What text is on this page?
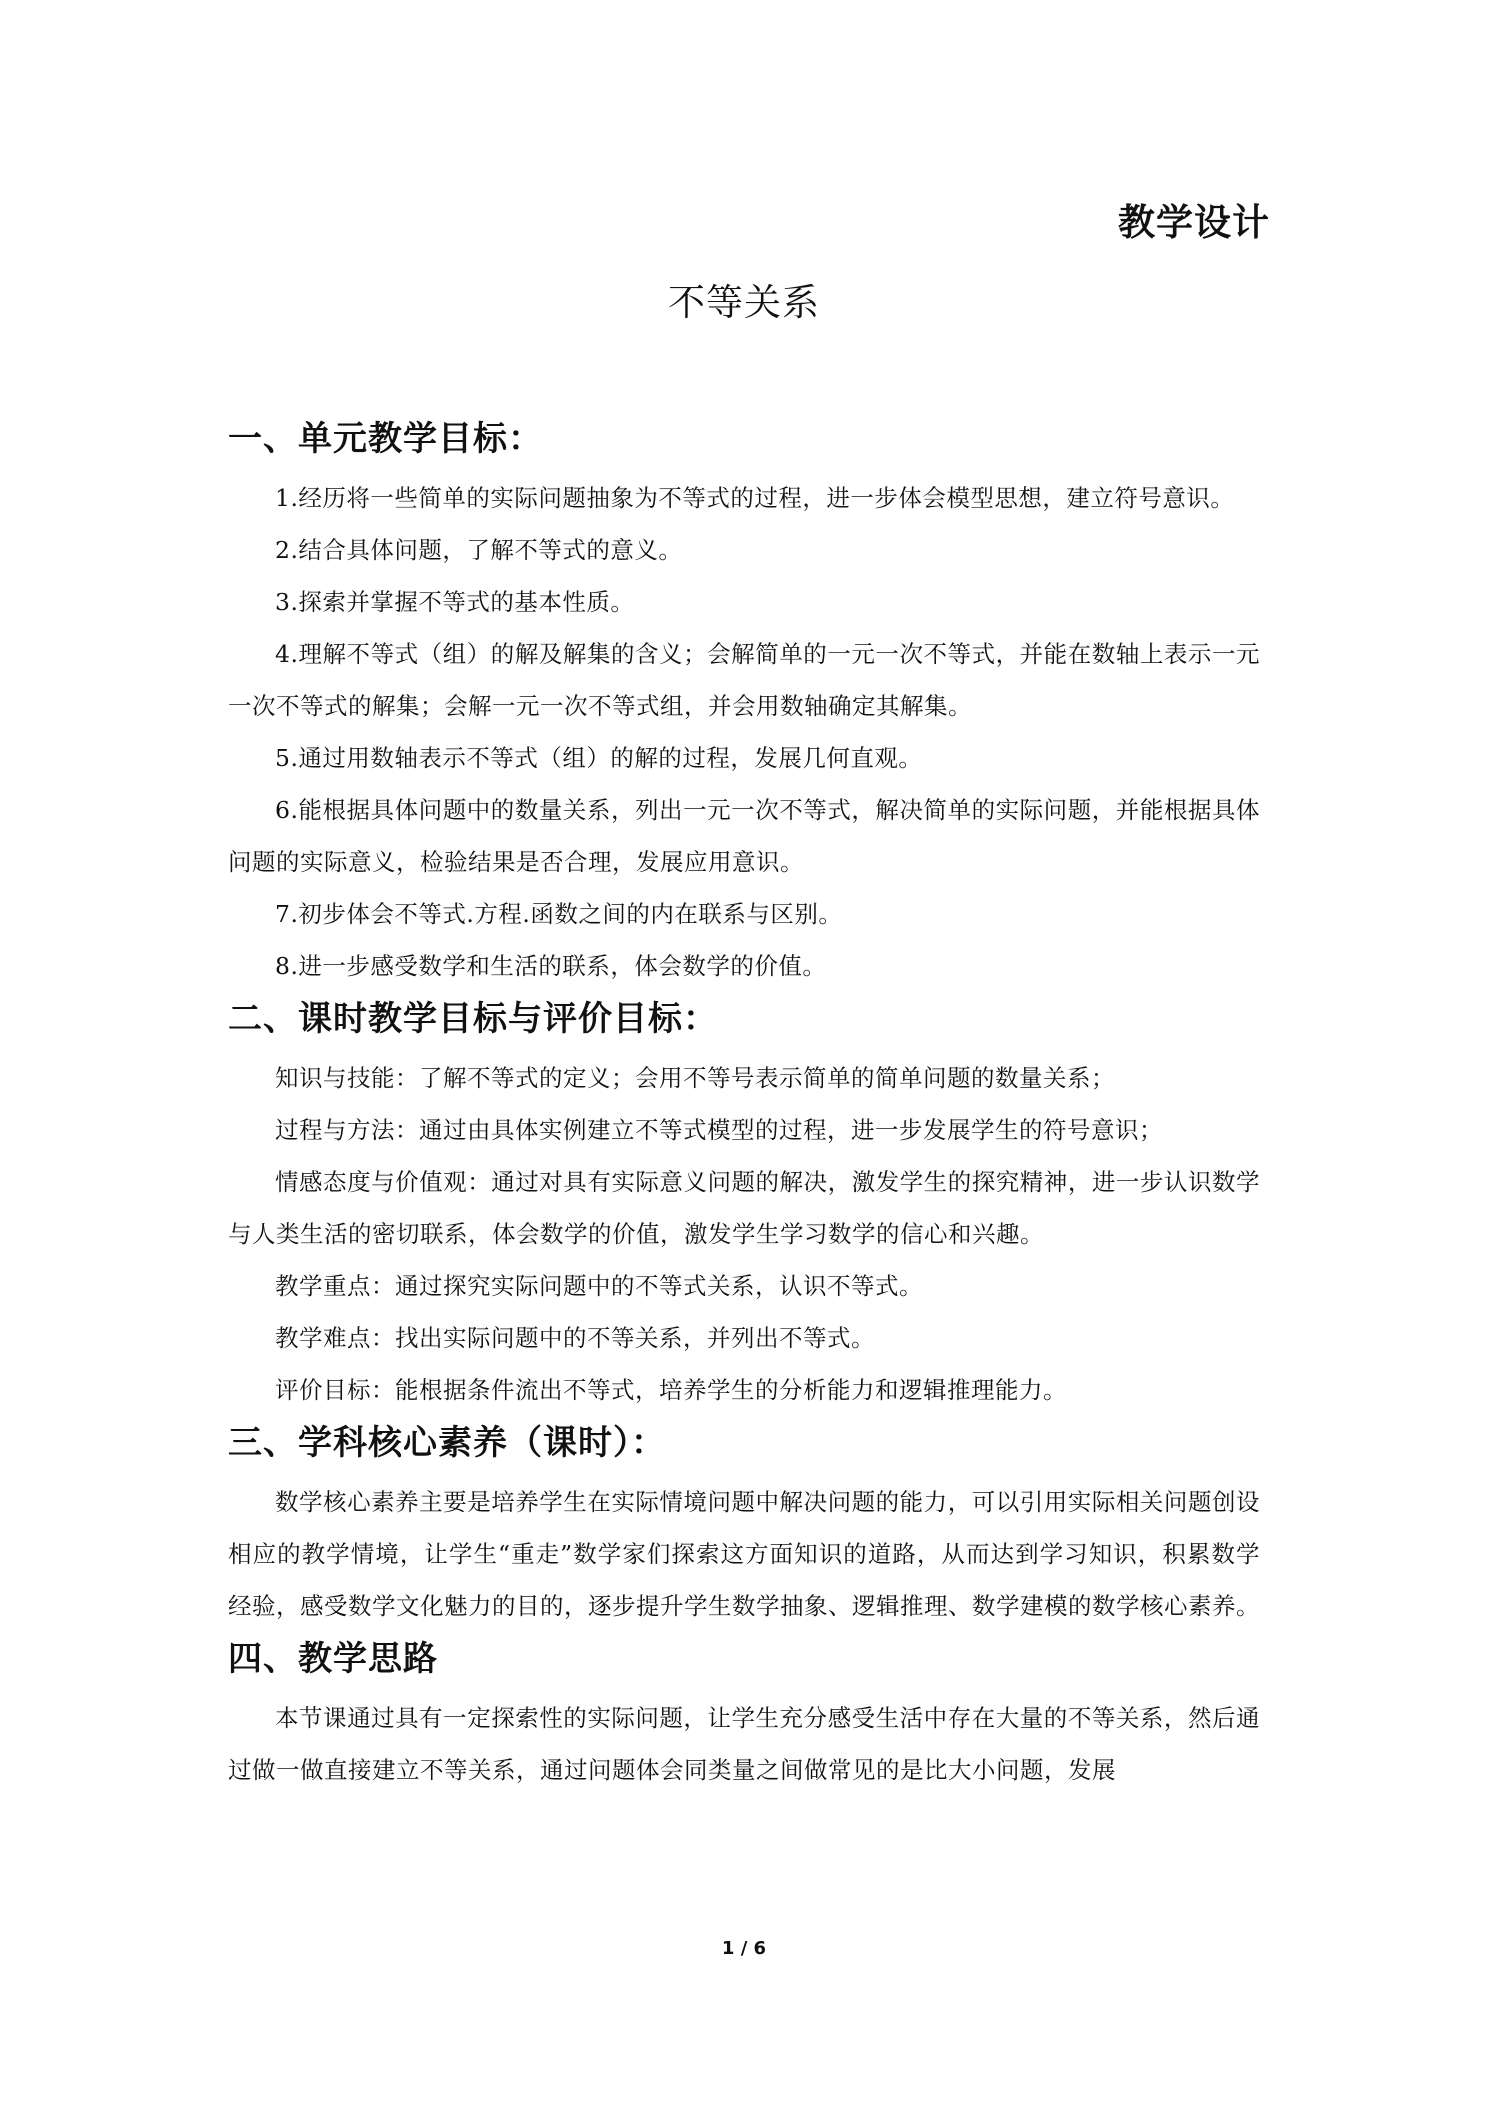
教学设计
不等关系
一、单元教学目标：

1.经历将一些简单的实际问题抽象为不等式的过程，进一步体会模型思想，建立符号意识。

2.结合具体问题，了解不等式的意义。

3.探索并掌握不等式的基本性质。

4.理解不等式（组）的解及解集的含义；会解简单的一元一次不等式，并能在数轴上表示一元一次不等式的解集；会解一元一次不等式组，并会用数轴确定其解集。

5.通过用数轴表示不等式（组）的解的过程，发展几何直观。

6.能根据具体问题中的数量关系，列出一元一次不等式，解决简单的实际问题，并能根据具体问题的实际意义，检验结果是否合理，发展应用意识。

7.初步体会不等式.方程.函数之间的内在联系与区别。

8.进一步感受数学和生活的联系，体会数学的价值。

二、课时教学目标与评价目标：

知识与技能：了解不等式的定义；会用不等号表示简单的简单问题的数量关系；

过程与方法：通过由具体实例建立不等式模型的过程，进一步发展学生的符号意识；

情感态度与价值观：通过对具有实际意义问题的解决，激发学生的探究精神，进一步认识数学与人类生活的密切联系，体会数学的价值，激发学生学习数学的信心和兴趣。

教学重点：通过探究实际问题中的不等式关系，认识不等式。

教学难点：找出实际问题中的不等关系，并列出不等式。

评价目标：能根据条件流出不等式，培养学生的分析能力和逻辑推理能力。

三、学科核心素养（课时）：

数学核心素养主要是培养学生在实际情境问题中解决问题的能力，可以引用实际相关问题创设相应的教学情境，让学生“重走”数学家们探索这方面知识的道路，从而达到学习知识，积累数学经验，感受数学文化魅力的目的，逐步提升学生数学抽象、逻辑推理、数学建模的数学核心素养。

四、教学思路

本节课通过具有一定探索性的实际问题，让学生充分感受生活中存在大量的不等关系，然后通过做一做直接建立不等关系，通过问题体会同类量之间做常见的是比大小问题，发展

1 / 6
